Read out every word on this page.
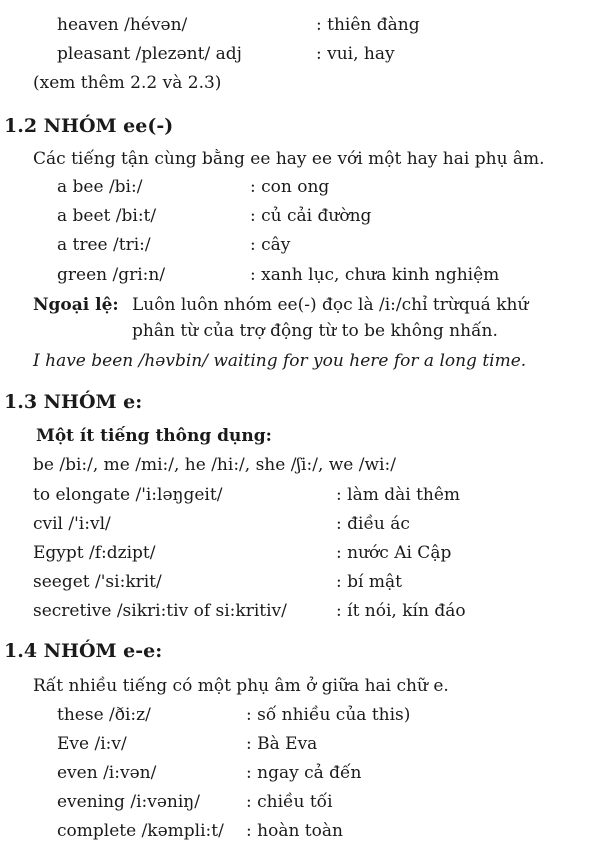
heaven /hévən/	: thiên đàng
pleasant /plezənt/ adj	: vui, hay
(xem thêm 2.2 và 2.3)
1.2 NHÓM ee(-)
Các tiếng tận cùng bằng ee hay ee với một hay hai phụ âm.
a bee /bi:/	: con ong
a beet /bi:t/	: củ cải đường
a tree /tri:/	: cây
green /gri:n/	: xanh lục, chưa kinh nghiệm
Ngoại lệ: Luôn luôn nhóm ee(-) đọc là /i:/chỉ trừquá khứ
phân từ của trợ động từ to be không nhấn.
I have been /həvbin/ waiting for you here for a long time.
1.3 NHÓM e:
Một ít tiếng thông dụng:
be /bi:/, me /mi:/, he /hi:/, she /ʃi:/, we /wi:/
to elongate /'i:ləŋgeit/	: làm dài thêm
cvil /'i:vl/	: điều ác
Egypt /f:dzipt/	: nước Ai Cập
seeget /'si:krit/	: bí mật
secretive /sikri:tiv of si:kritiv/	: ít nói, kín đáo
1.4 NHÓM e-e:
Rất nhiều tiếng có một phụ âm ở giữa hai chữ e.
these /ði:z/	: số nhiều của this)
Eve /i:v/	: Bà Eva
even /i:vən/	: ngay cả đến
evening /i:vəniŋ/	: chiều tối
complete /kəmpli:t/ : hoàn toàn
